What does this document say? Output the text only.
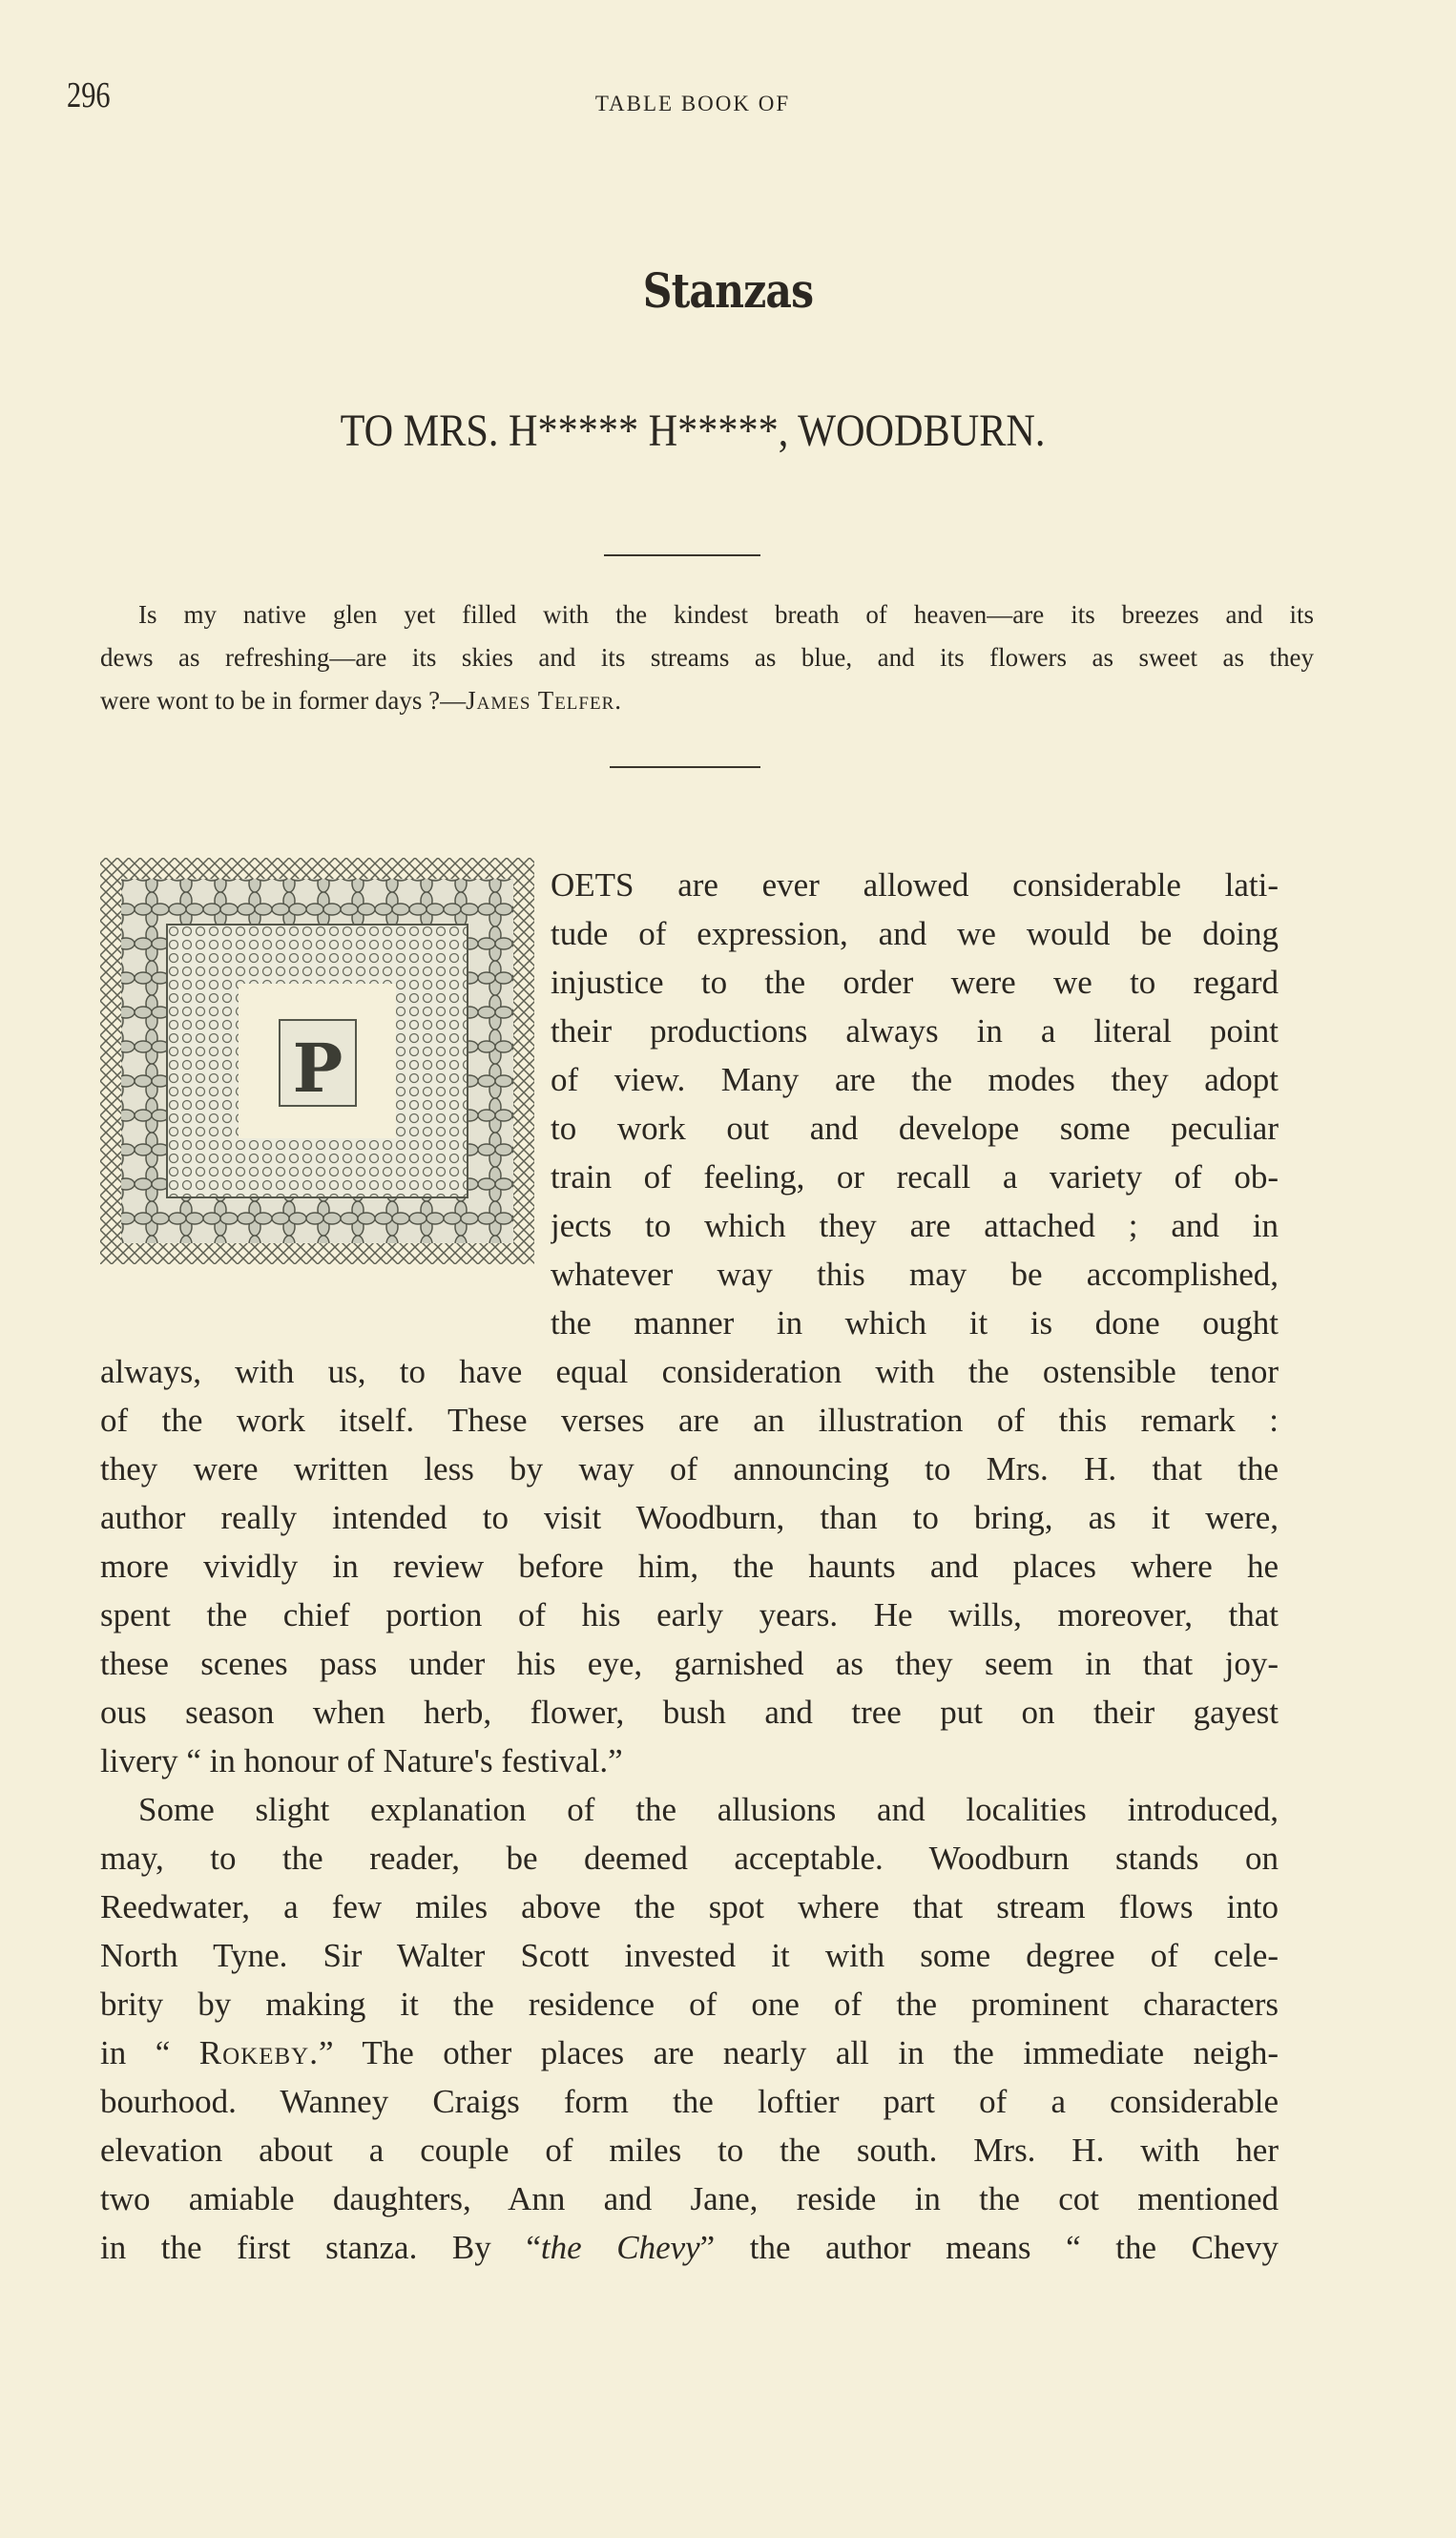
296	TABLE BOOK OF
Stanzas
TO MRS. H***** H*****, WOODBURN.
Is my native glen yet filled with the kindest breath of heaven—are its breezes and its
dews as refreshing—are its skies and its streams as blue, and its flowers as sweet as they
were wont to be in former days ?—James Telfer.
P
OETS are ever allowed considerable lati-
tude of expression, and we would be doing
injustice to the order were we to regard
their productions always in a literal point
of view. Many are the modes they adopt
to work out and develope some peculiar
train of feeling, or recall a variety of ob-
jects to which they are attached ; and in
whatever way this may be accomplished,
the manner in which it is done ought
always, with us, to have equal consideration with the ostensible tenor
of the work itself. These verses are an illustration of this remark :
they were written less by way of announcing to Mrs. H. that the
author really intended to visit Woodburn, than to bring, as it were,
more vividly in review before him, the haunts and places where he
spent the chief portion of his early years. He wills, moreover, that
these scenes pass under his eye, garnished as they seem in that joy-
ous season when herb, flower, bush and tree put on their gayest
livery “ in honour of Nature's festival.”
Some slight explanation of the allusions and localities introduced,
may, to the reader, be deemed acceptable. Woodburn stands on
Reedwater, a few miles above the spot where that stream flows into
North Tyne. Sir Walter Scott invested it with some degree of cele-
brity by making it the residence of one of the prominent characters
in “ Rokeby.” The other places are nearly all in the immediate neigh-
bourhood. Wanney Craigs form the loftier part of a considerable
elevation about a couple of miles to the south. Mrs. H. with her
two amiable daughters, Ann and Jane, reside in the cot mentioned
in the first stanza. By “the Chevy” the author means “ the Chevy
